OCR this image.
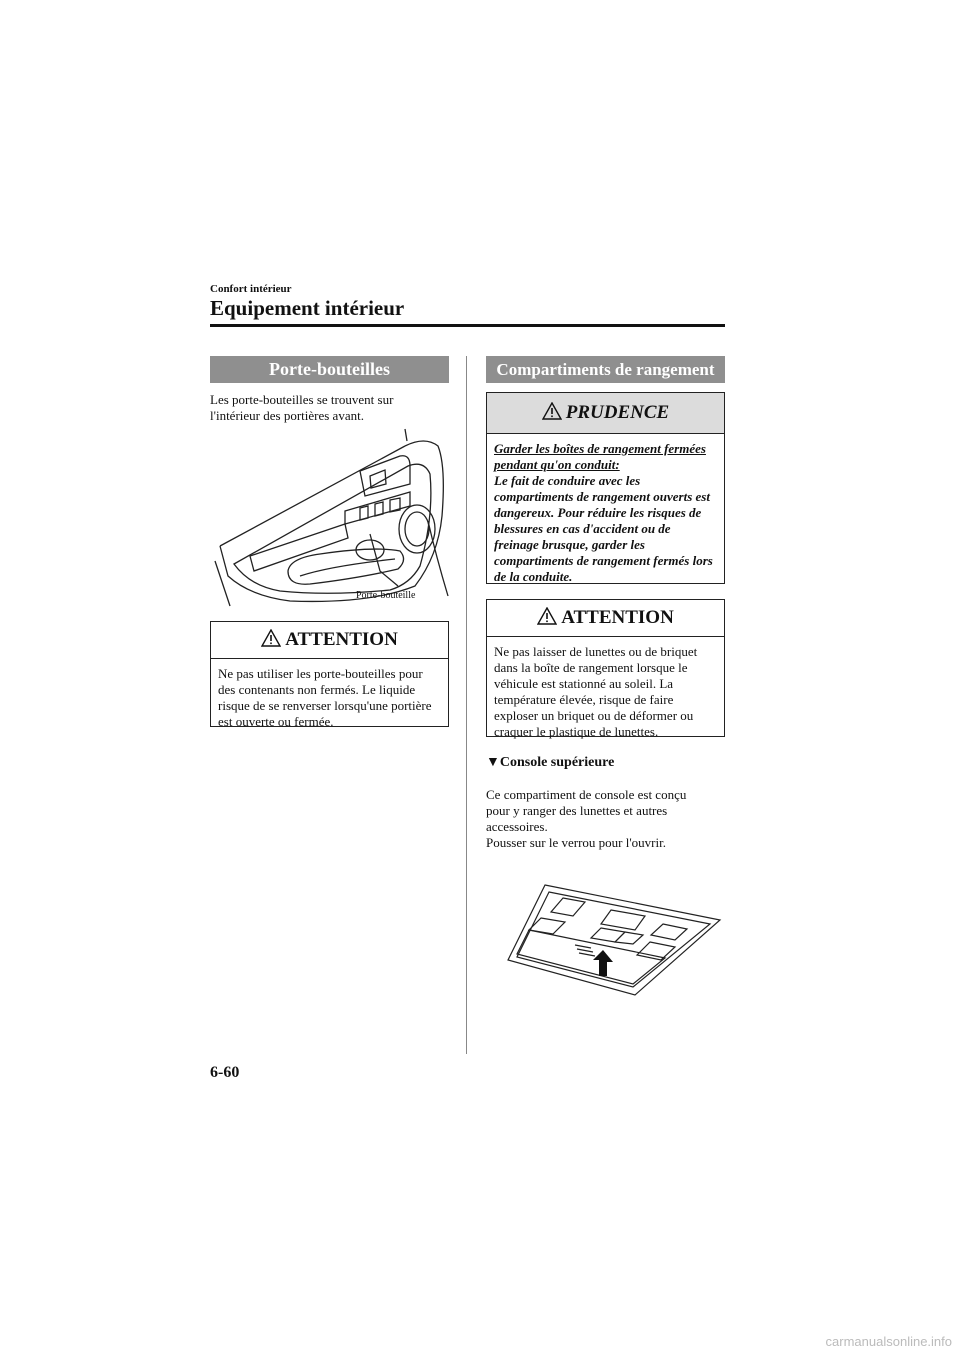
Confort intérieur
Equipement intérieur
Porte-bouteilles
Les porte-bouteilles se trouvent sur l'intérieur des portières avant.
Porte-bouteille
ATTENTION
Ne pas utiliser les porte-bouteilles pour des contenants non fermés. Le liquide risque de se renverser lorsqu'une portière est ouverte ou fermée.
Compartiments de rangement
PRUDENCE
Garder les boîtes de rangement fermées pendant qu'on conduit:
Le fait de conduire avec les compartiments de rangement ouverts est dangereux. Pour réduire les risques de blessures en cas d'accident ou de freinage brusque, garder les compartiments de rangement fermés lors de la conduite.
ATTENTION
Ne pas laisser de lunettes ou de briquet dans la boîte de rangement lorsque le véhicule est stationné au soleil. La température élevée, risque de faire exploser un briquet ou de déformer ou craquer le plastique de lunettes.
▼Console supérieure
Ce compartiment de console est conçu pour y ranger des lunettes et autres accessoires.
Pousser sur le verrou pour l'ouvrir.
6-60
carmanualsonline.info
